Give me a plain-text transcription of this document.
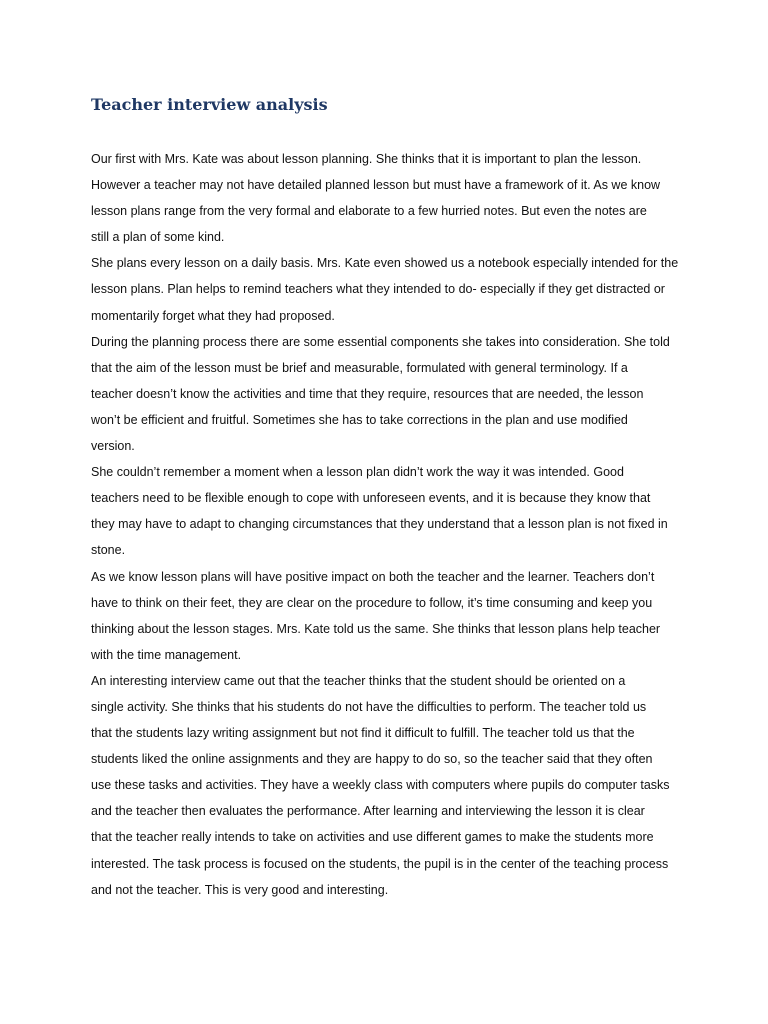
Teacher interview analysis
Our first with Mrs. Kate was about lesson planning. She thinks that it is important to plan the lesson.
However a teacher may not have detailed planned lesson but must have a framework of it. As we know
lesson plans range from the very formal and elaborate to a few hurried notes. But even the notes are
still a plan of some kind.
She plans every lesson on a daily basis. Mrs. Kate even showed us a notebook especially intended for the
lesson plans. Plan helps to remind teachers what they intended to do- especially if they get distracted or
momentarily forget what they had proposed.
During the planning process there are some essential components she takes into consideration. She told
that the aim of the lesson must be brief and measurable, formulated with general terminology. If a
teacher doesn’t know the activities and time that they require, resources that are needed, the lesson
won’t be efficient and fruitful. Sometimes she has to take corrections in the plan and use modified
version.
She couldn’t remember a moment when a lesson plan didn’t work the way it was intended. Good
teachers need to be flexible enough to cope with unforeseen events, and it is because they know that
they may have to adapt to changing circumstances that they understand that a lesson plan is not fixed in
stone.
As we know lesson plans will have positive impact on both the teacher and the learner. Teachers don’t
have to think on their feet, they are clear on the procedure to follow, it’s time consuming and keep you
thinking about the lesson stages. Mrs. Kate told us the same. She thinks that lesson plans help teacher
with the time management.
An interesting interview came out that the teacher thinks that the student should be oriented on a
single activity. She thinks that his students do not have the difficulties to perform. The teacher told us
that the students lazy writing assignment but not find it difficult to fulfill. The teacher told us that the
students liked the online assignments and they are happy to do so, so the teacher said that they often
use these tasks and activities. They have a weekly class with computers where pupils do computer tasks
and the teacher then evaluates the performance. After learning and interviewing the lesson it is clear
that the teacher really intends to take on activities and use different games to make the students more
interested. The task process is focused on the students, the pupil is in the center of the teaching process
and not the teacher. This is very good and interesting.
